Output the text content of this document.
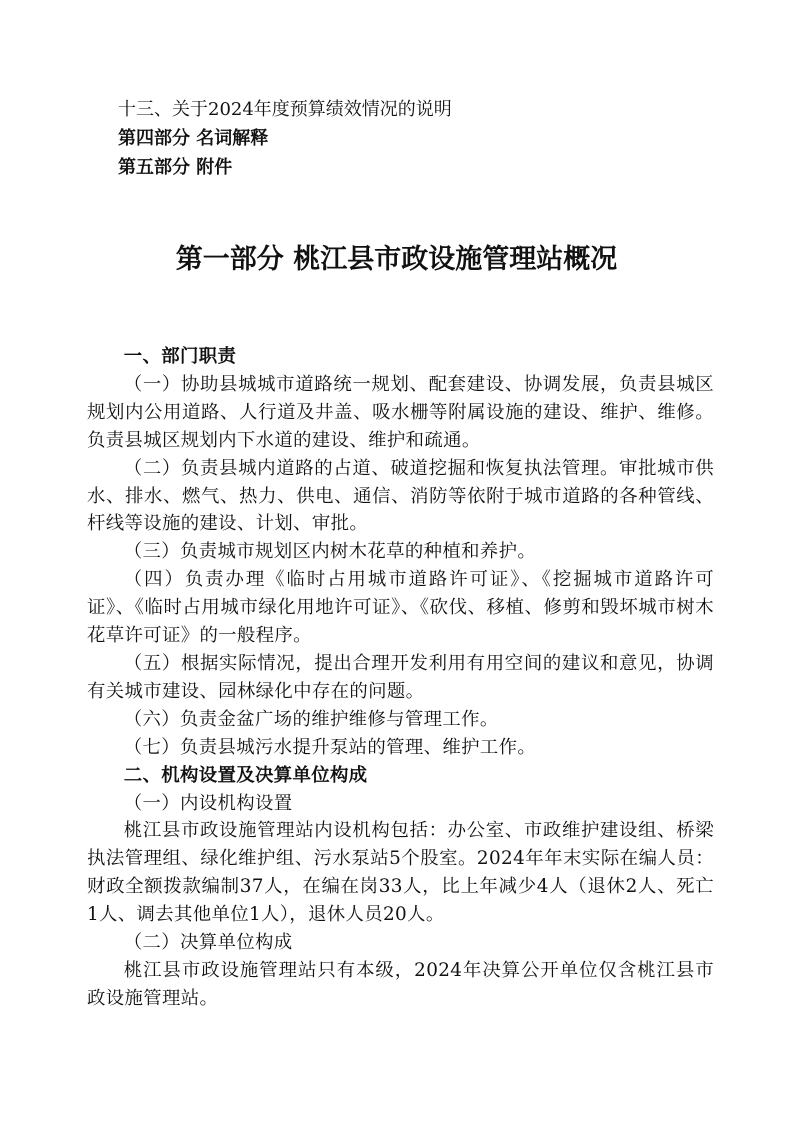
十三、关于2024年度预算绩效情况的说明
第四部分 名词解释
第五部分 附件
第一部分 桃江县市政设施管理站概况

一、部门职责

（一）协助县城城市道路统一规划、配套建设、协调发展，负责县城区规划内公用道路、人行道及井盖、吸水栅等附属设施的建设、维护、维修。负责县城区规划内下水道的建设、维护和疏通。

（二）负责县城内道路的占道、破道挖掘和恢复执法管理。审批城市供水、排水、燃气、热力、供电、通信、消防等依附于城市道路的各种管线、杆线等设施的建设、计划、审批。

（三）负责城市规划区内树木花草的种植和养护。

（四）负责办理《临时占用城市道路许可证》、《挖掘城市道路许可证》、《临时占用城市绿化用地许可证》、《砍伐、移植、修剪和毁坏城市树木花草许可证》的一般程序。

（五）根据实际情况，提出合理开发利用有用空间的建议和意见，协调有关城市建设、园林绿化中存在的问题。

（六）负责金盆广场的维护维修与管理工作。

（七）负责县城污水提升泵站的管理、维护工作。

二、机构设置及决算单位构成

（一）内设机构设置

桃江县市政设施管理站内设机构包括：办公室、市政维护建设组、桥梁执法管理组、绿化维护组、污水泵站5个股室。2024年年末实际在编人员：财政全额拨款编制37人，在编在岗33人，比上年减少4人（退休2人、死亡1人、调去其他单位1人），退休人员20人。

（二）决算单位构成

桃江县市政设施管理站只有本级，2024年决算公开单位仅含桃江县市政设施管理站。
